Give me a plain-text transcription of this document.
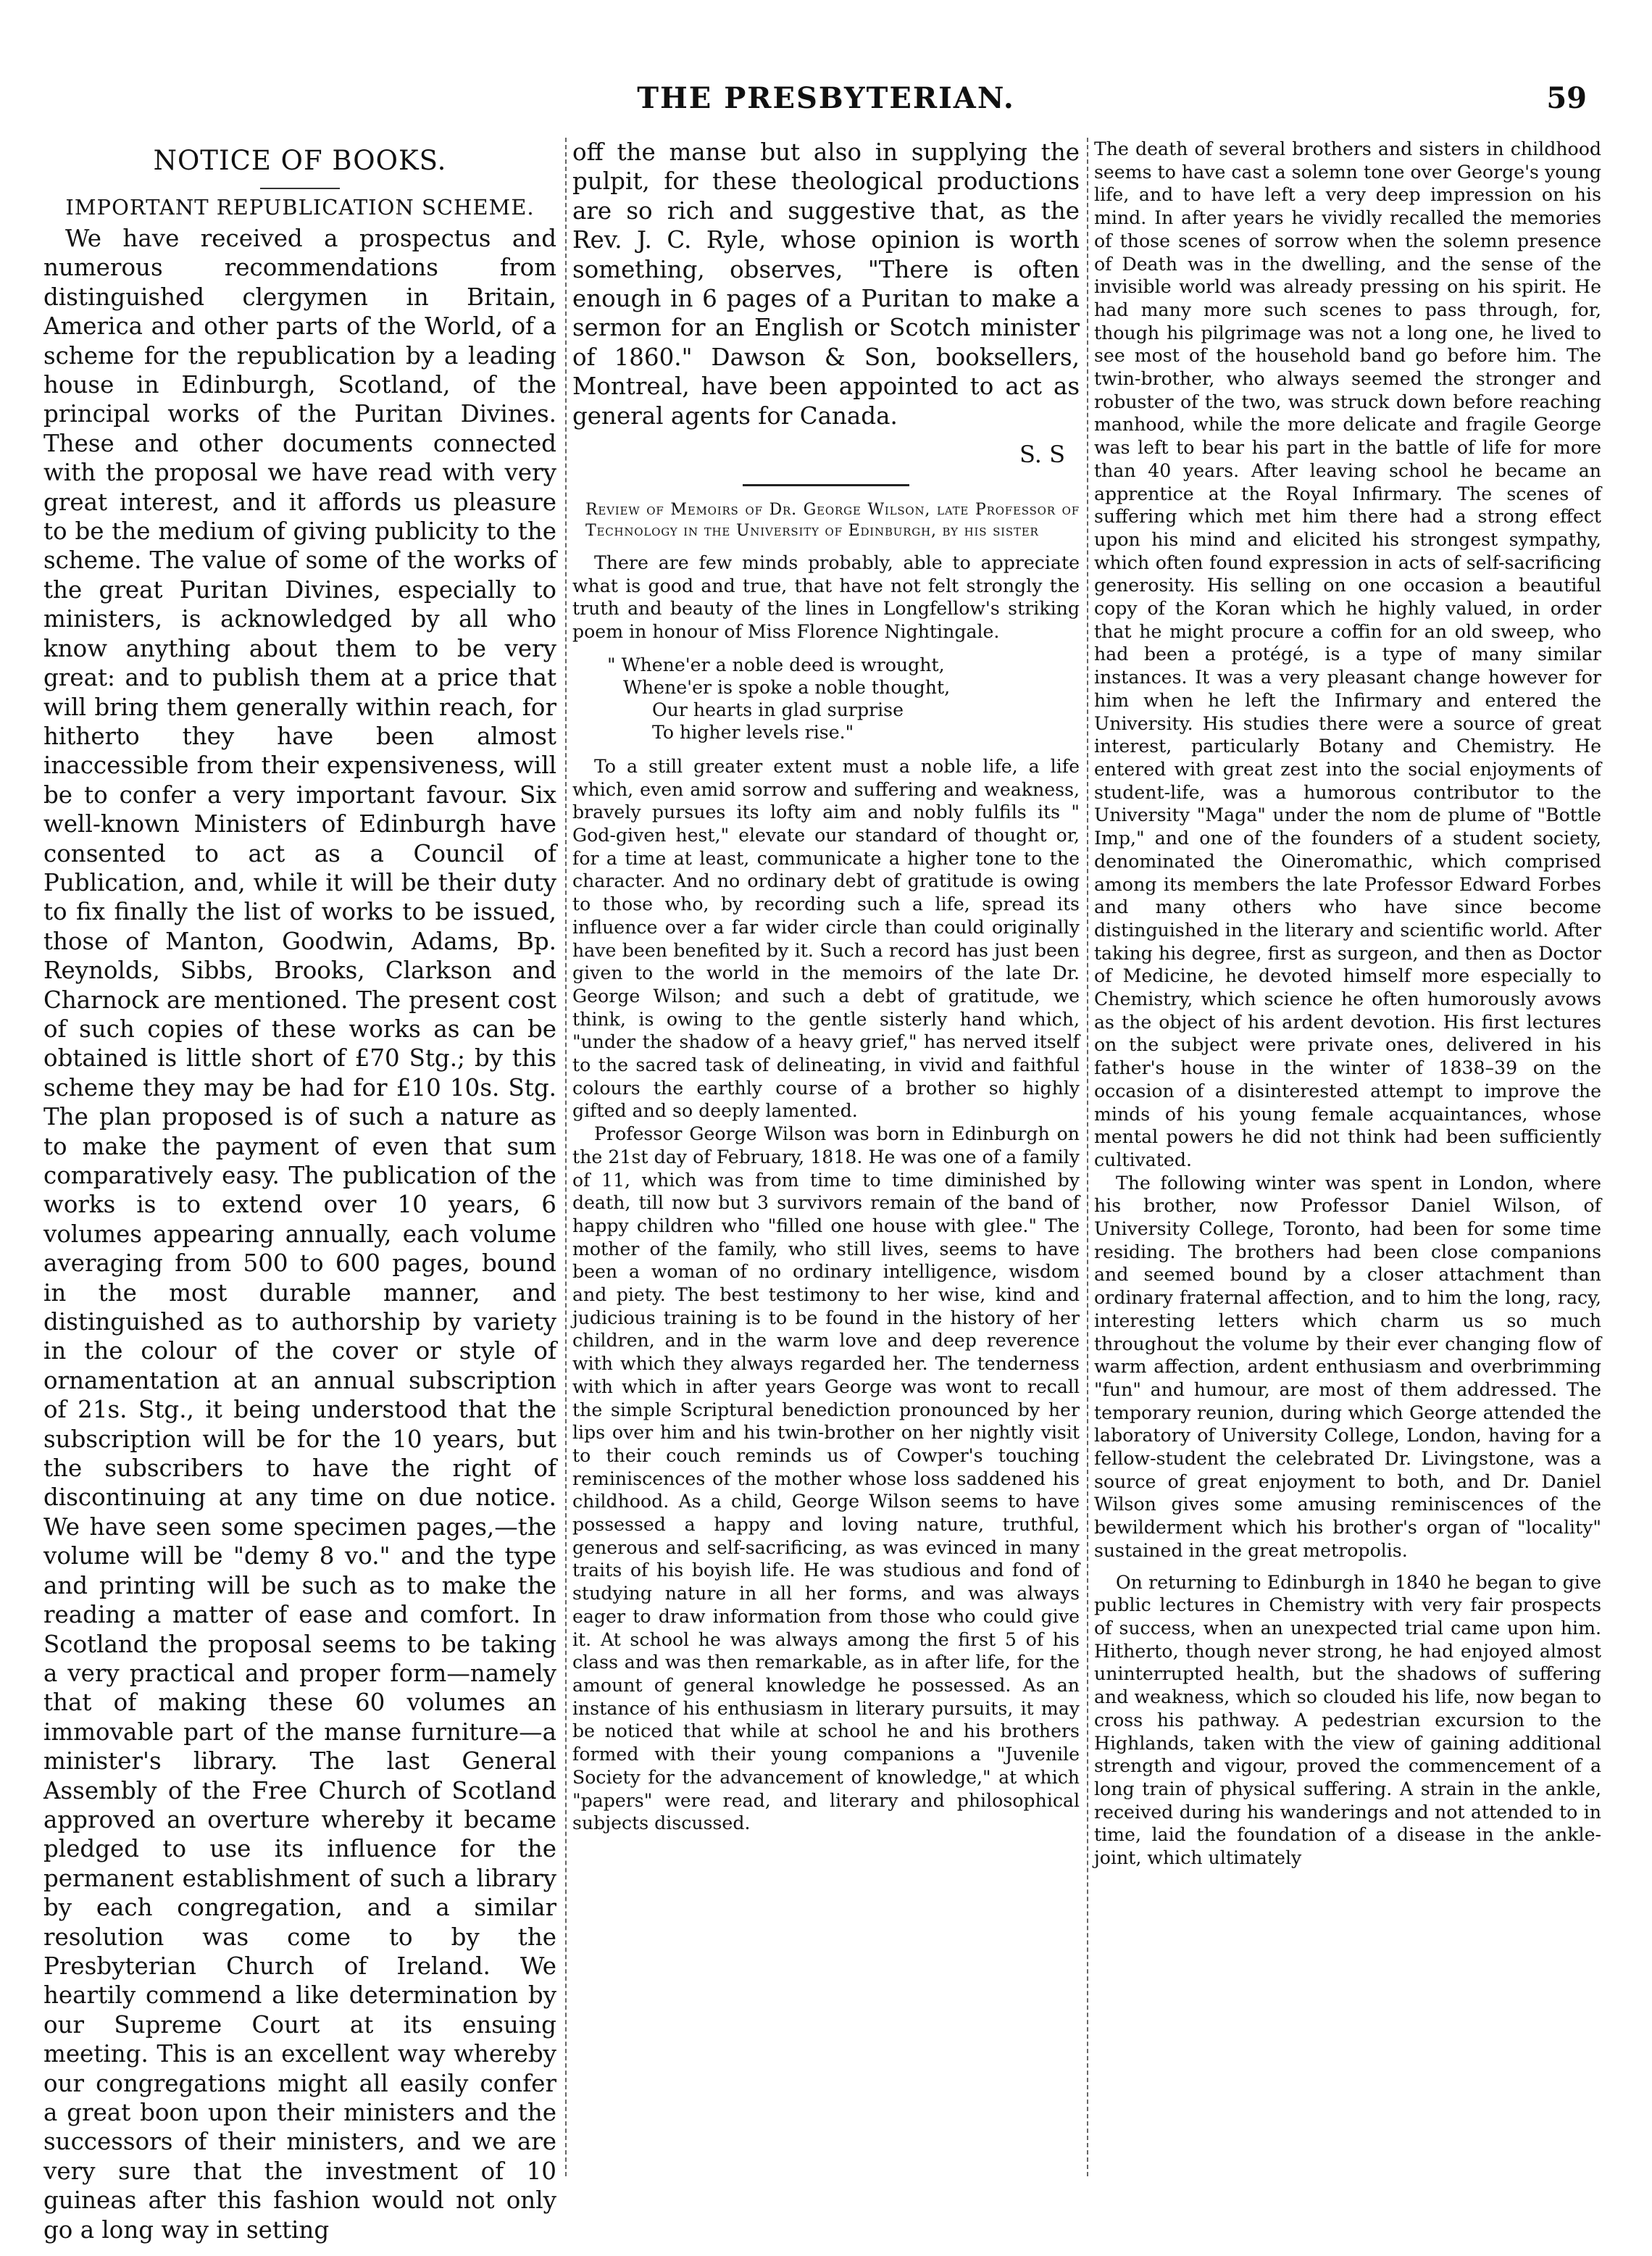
THE PRESBYTERIAN.	59
NOTICE OF BOOKS.
IMPORTANT REPUBLICATION SCHEME.

We have received a prospectus and numerous recommendations from distinguished clergymen in Britain, America and other parts of the World, of a scheme for the republication by a leading house in Edinburgh, Scotland, of the principal works of the Puritan Divines. These and other documents connected with the proposal we have read with very great interest, and it affords us pleasure to be the medium of giving publicity to the scheme. The value of some of the works of the great Puritan Divines, especially to ministers, is acknowledged by all who know anything about them to be very great: and to publish them at a price that will bring them generally within reach, for hitherto they have been almost inaccessible from their expensiveness, will be to confer a very important favour. Six well-known Ministers of Edinburgh have consented to act as a Council of Publication, and, while it will be their duty to fix finally the list of works to be issued, those of Manton, Goodwin, Adams, Bp. Reynolds, Sibbs, Brooks, Clarkson and Charnock are mentioned. The present cost of such copies of these works as can be obtained is little short of £70 Stg.; by this scheme they may be had for £10 10s. Stg. The plan proposed is of such a nature as to make the payment of even that sum comparatively easy. The publication of the works is to extend over 10 years, 6 volumes appearing annually, each volume averaging from 500 to 600 pages, bound in the most durable manner, and distinguished as to authorship by variety in the colour of the cover or style of ornamentation at an annual subscription of 21s. Stg., it being understood that the subscription will be for the 10 years, but the subscribers to have the right of discontinuing at any time on due notice. We have seen some specimen pages,—the volume will be "demy 8 vo." and the type and printing will be such as to make the reading a matter of ease and comfort. In Scotland the proposal seems to be taking a very practical and proper form—namely that of making these 60 volumes an immovable part of the manse furniture—a minister's library. The last General Assembly of the Free Church of Scotland approved an overture whereby it became pledged to use its influence for the permanent establishment of such a library by each congregation, and a similar resolution was come to by the Presbyterian Church of Ireland. We heartily commend a like determination by our Supreme Court at its ensuing meeting. This is an excellent way whereby our congregations might all easily confer a great boon upon their ministers and the successors of their ministers, and we are very sure that the investment of 10 guineas after this fashion would not only go a long way in setting

off the manse but also in supplying the pulpit, for these theological productions are so rich and suggestive that, as the Rev. J. C. Ryle, whose opinion is worth something, observes, "There is often enough in 6 pages of a Puritan to make a sermon for an English or Scotch minister of 1860." Dawson & Son, booksellers, Montreal, have been appointed to act as general agents for Canada.

S. S
Review of Memoirs of Dr. George Wilson, late Professor of Technology in the University of Edinburgh, by his sister

There are few minds probably, able to appreciate what is good and true, that have not felt strongly the truth and beauty of the lines in Longfellow's striking poem in honour of Miss Florence Nightingale.

" Whene'er a noble deed is wrought,
Whene'er is spoke a noble thought,
Our hearts in glad surprise
To higher levels rise."

To a still greater extent must a noble life, a life which, even amid sorrow and suffering and weakness, bravely pursues its lofty aim and nobly fulfils its " God-given hest," elevate our standard of thought or, for a time at least, communicate a higher tone to the character. And no ordinary debt of gratitude is owing to those who, by recording such a life, spread its influence over a far wider circle than could originally have been benefited by it. Such a record has just been given to the world in the memoirs of the late Dr. George Wilson; and such a debt of gratitude, we think, is owing to the gentle sisterly hand which, "under the shadow of a heavy grief," has nerved itself to the sacred task of delineating, in vivid and faithful colours the earthly course of a brother so highly gifted and so deeply lamented.

Professor George Wilson was born in Edinburgh on the 21st day of February, 1818. He was one of a family of 11, which was from time to time diminished by death, till now but 3 survivors remain of the band of happy children who "filled one house with glee." The mother of the family, who still lives, seems to have been a woman of no ordinary intelligence, wisdom and piety. The best testimony to her wise, kind and judicious training is to be found in the history of her children, and in the warm love and deep reverence with which they always regarded her. The tenderness with which in after years George was wont to recall the simple Scriptural benediction pronounced by her lips over him and his twin-brother on her nightly visit to their couch reminds us of Cowper's touching reminiscences of the mother whose loss saddened his childhood. As a child, George Wilson seems to have possessed a happy and loving nature, truthful, generous and self-sacrificing, as was evinced in many traits of his boyish life. He was studious and fond of studying nature in all her forms, and was always eager to draw information from those who could give it. At school he was always among the first 5 of his class and was then remarkable, as in after life, for the amount of general knowledge he possessed. As an instance of his enthusiasm in literary pursuits, it may be noticed that while at school he and his brothers formed with their young companions a "Juvenile Society for the advancement of knowledge," at which "papers" were read, and literary and philosophical subjects discussed.

The death of several brothers and sisters in childhood seems to have cast a solemn tone over George's young life, and to have left a very deep impression on his mind. In after years he vividly recalled the memories of those scenes of sorrow when the solemn presence of Death was in the dwelling, and the sense of the invisible world was already pressing on his spirit. He had many more such scenes to pass through, for, though his pilgrimage was not a long one, he lived to see most of the household band go before him. The twin-brother, who always seemed the stronger and robuster of the two, was struck down before reaching manhood, while the more delicate and fragile George was left to bear his part in the battle of life for more than 40 years. After leaving school he became an apprentice at the Royal Infirmary. The scenes of suffering which met him there had a strong effect upon his mind and elicited his strongest sympathy, which often found expression in acts of self-sacrificing generosity. His selling on one occasion a beautiful copy of the Koran which he highly valued, in order that he might procure a coffin for an old sweep, who had been a protégé, is a type of many similar instances. It was a very pleasant change however for him when he left the Infirmary and entered the University. His studies there were a source of great interest, particularly Botany and Chemistry. He entered with great zest into the social enjoyments of student-life, was a humorous contributor to the University "Maga" under the nom de plume of "Bottle Imp," and one of the founders of a student society, denominated the Oineromathic, which comprised among its members the late Professor Edward Forbes and many others who have since become distinguished in the literary and scientific world. After taking his degree, first as surgeon, and then as Doctor of Medicine, he devoted himself more especially to Chemistry, which science he often humorously avows as the object of his ardent devotion. His first lectures on the subject were private ones, delivered in his father's house in the winter of 1838–39 on the occasion of a disinterested attempt to improve the minds of his young female acquaintances, whose mental powers he did not think had been sufficiently cultivated.

The following winter was spent in London, where his brother, now Professor Daniel Wilson, of University College, Toronto, had been for some time residing. The brothers had been close companions and seemed bound by a closer attachment than ordinary fraternal affection, and to him the long, racy, interesting letters which charm us so much throughout the volume by their ever changing flow of warm affection, ardent enthusiasm and overbrimming "fun" and humour, are most of them addressed. The temporary reunion, during which George attended the laboratory of University College, London, having for a fellow-student the celebrated Dr. Livingstone, was a source of great enjoyment to both, and Dr. Daniel Wilson gives some amusing reminiscences of the bewilderment which his brother's organ of "locality" sustained in the great metropolis.

On returning to Edinburgh in 1840 he began to give public lectures in Chemistry with very fair prospects of success, when an unexpected trial came upon him. Hitherto, though never strong, he had enjoyed almost uninterrupted health, but the shadows of suffering and weakness, which so clouded his life, now began to cross his pathway. A pedestrian excursion to the Highlands, taken with the view of gaining additional strength and vigour, proved the commencement of a long train of physical suffering. A strain in the ankle, received during his wanderings and not attended to in time, laid the foundation of a disease in the ankle-joint, which ultimately
